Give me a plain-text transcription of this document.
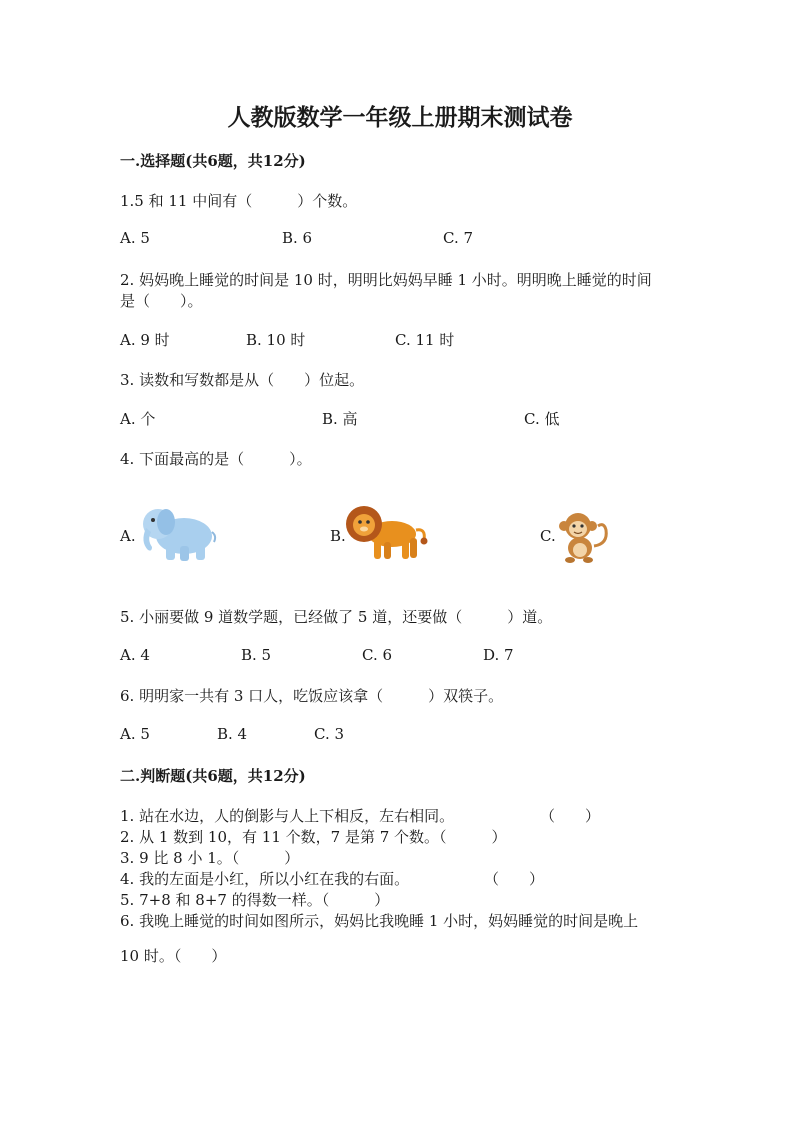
人教版数学一年级上册期末测试卷
一.选择题(共6题，共12分)
1.5 和 11 中间有（　　　）个数。
A. 5	B. 6	C. 7
2. 妈妈晚上睡觉的时间是 10 时，明明比妈妈早睡 1 小时。明明晚上睡觉的时间
是（　　）。
A. 9 时	B. 10 时	C. 11 时
3. 读数和写数都是从（　　）位起。
A. 个	B. 高	C. 低
4. 下面最高的是（　　　）。
A.	B.	C.
5. 小丽要做 9 道数学题，已经做了 5 道，还要做（　　　）道。
A. 4	B. 5	C. 6	D. 7
6. 明明家一共有 3 口人，吃饭应该拿（　　　）双筷子。
A. 5	B. 4	C. 3
二.判断题(共6题，共12分)
1. 站在水边，人的倒影与人上下相反，左右相同。	（　　）
2. 从 1 数到 10，有 11 个数，7 是第 7 个数。（　　　）
3. 9 比 8 小 1。（　　　）
4. 我的左面是小红，所以小红在我的右面。	（　　）
5. 7+8 和 8+7 的得数一样。（　　　）
6. 我晚上睡觉的时间如图所示，妈妈比我晚睡 1 小时，妈妈睡觉的时间是晚上
10 时。（　　）
